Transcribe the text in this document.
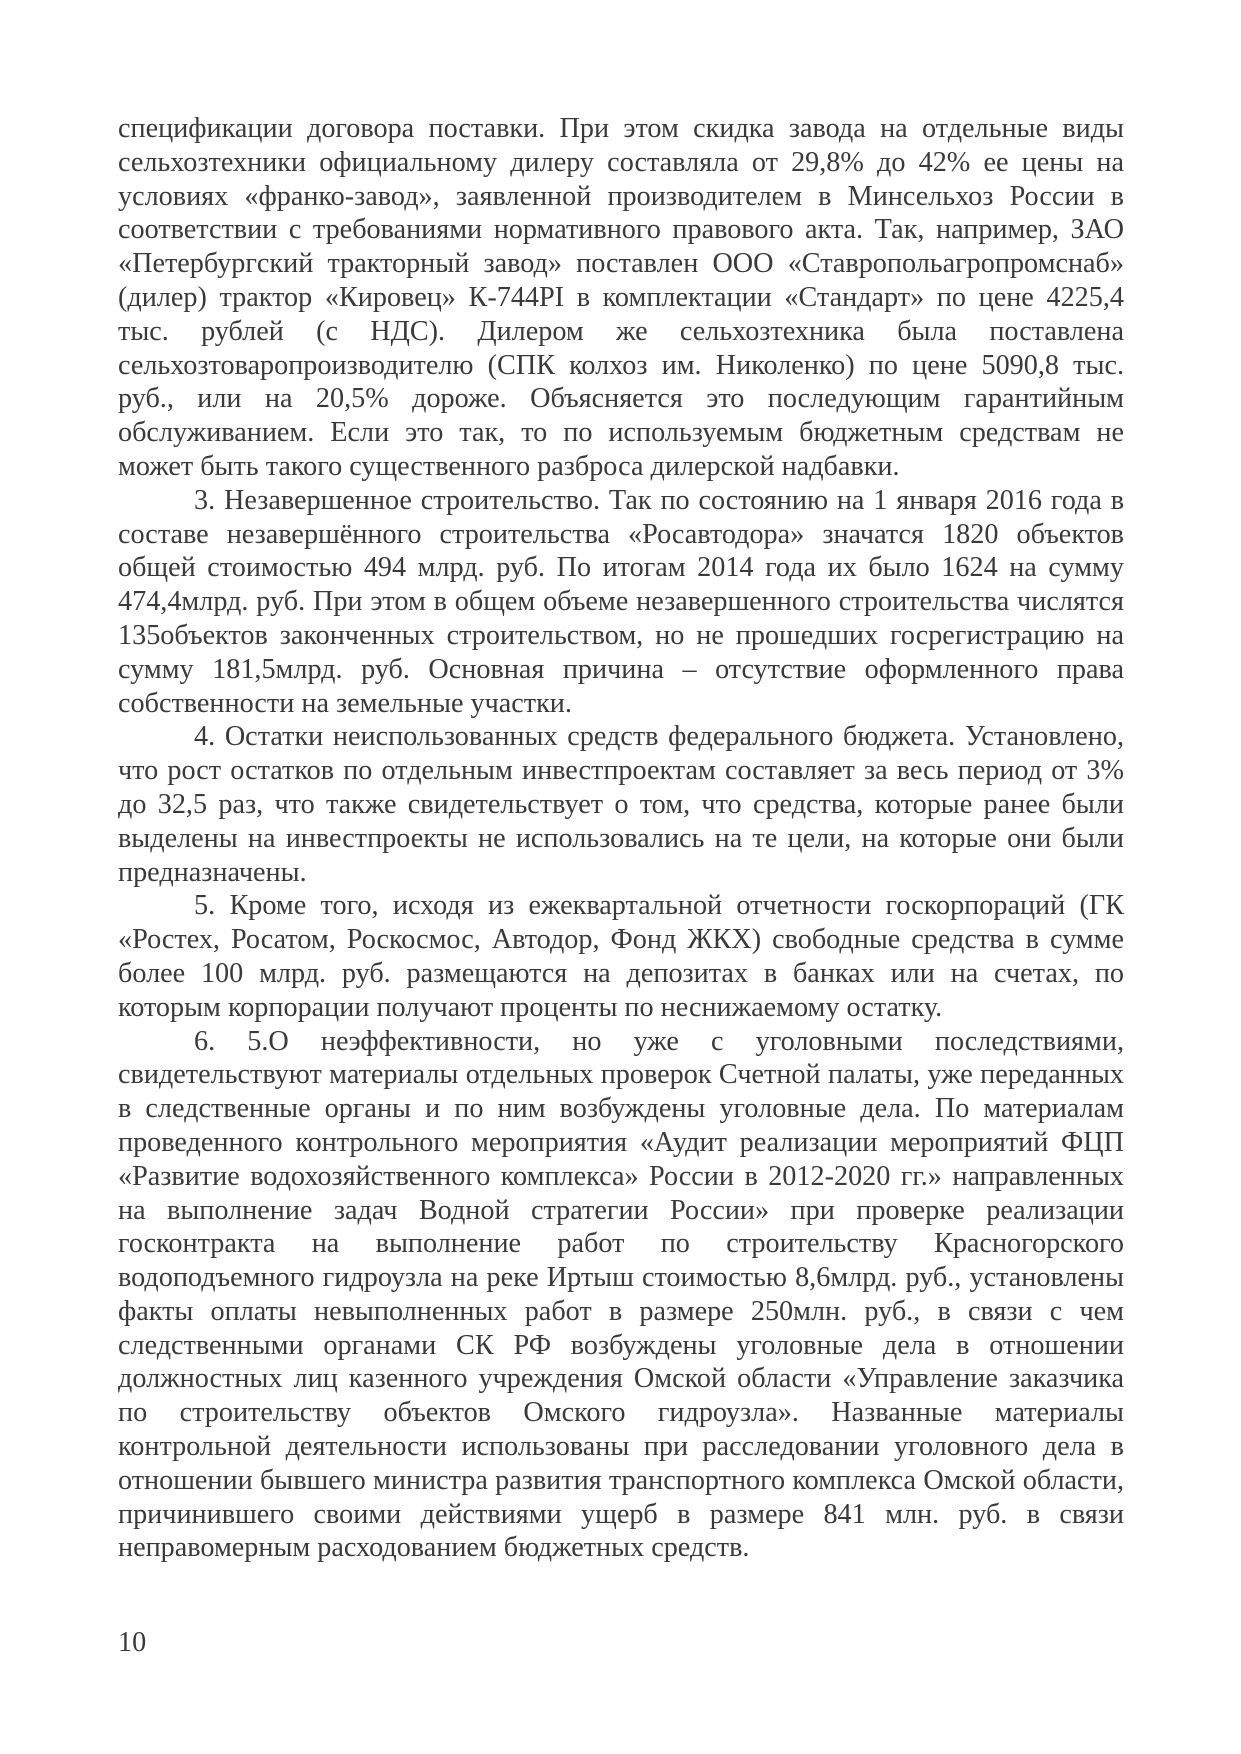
спецификации договора поставки. При этом скидка завода на отдельные виды сельхозтехники официальному дилеру составляла от 29,8% до 42% ее цены на условиях «франко-завод», заявленной производителем в Минсельхоз России в соответствии с требованиями нормативного правового акта. Так, например, ЗАО «Петербургский тракторный завод» поставлен ООО «Ставропольагропромснаб» (дилер) трактор «Кировец» К-744РI в комплектации «Стандарт» по цене 4225,4 тыс. рублей (с НДС). Дилером же сельхозтехника была поставлена сельхозтоваропроизводителю (СПК колхоз им. Николенко) по цене 5090,8 тыс. руб., или на 20,5% дороже. Объясняется это последующим гарантийным обслуживанием. Если это так, то по используемым бюджетным средствам не может быть такого существенного разброса дилерской надбавки.

3. Незавершенное строительство. Так по состоянию на 1 января 2016 года в составе незавершённого строительства «Росавтодора» значатся 1820 объектов общей стоимостью 494 млрд. руб. По итогам 2014 года их было 1624 на сумму 474,4млрд. руб. При этом в общем объеме незавершенного строительства числятся 135объектов законченных строительством, но не прошедших госрегистрацию на сумму 181,5млрд. руб. Основная причина – отсутствие оформленного права собственности на земельные участки.

4. Остатки неиспользованных средств федерального бюджета. Установлено, что рост остатков по отдельным инвестпроектам составляет за весь период от 3% до 32,5 раз, что также свидетельствует о том, что средства, которые ранее были выделены на инвестпроекты не использовались на те цели, на которые они были предназначены.

5. Кроме того, исходя из ежеквартальной отчетности госкорпораций (ГК «Ростех, Росатом, Роскосмос, Автодор, Фонд ЖКХ) свободные средства в сумме более 100 млрд. руб. размещаются на депозитах в банках или на счетах, по которым корпорации получают проценты по неснижаемому остатку.

6. 5.О неэффективности, но уже с уголовными последствиями, свидетельствуют материалы отдельных проверок Счетной палаты, уже переданных в следственные органы и по ним возбуждены уголовные дела. По материалам проведенного контрольного мероприятия «Аудит реализации мероприятий ФЦП «Развитие водохозяйственного комплекса» России в 2012-2020 гг.» направленных на выполнение задач Водной стратегии России» при проверке реализации госконтракта на выполнение работ по строительству Красногорского водоподъемного гидроузла на реке Иртыш стоимостью 8,6млрд. руб., установлены факты оплаты невыполненных работ в размере 250млн. руб., в связи с чем следственными органами СК РФ возбуждены уголовные дела в отношении должностных лиц казенного учреждения Омской области «Управление заказчика по строительству объектов Омского гидроузла». Названные материалы контрольной деятельности использованы при расследовании уголовного дела в отношении бывшего министра развития транспортного комплекса Омской области, причинившего своими действиями ущерб в размере 841 млн. руб. в связи неправомерным расходованием бюджетных средств.

10
